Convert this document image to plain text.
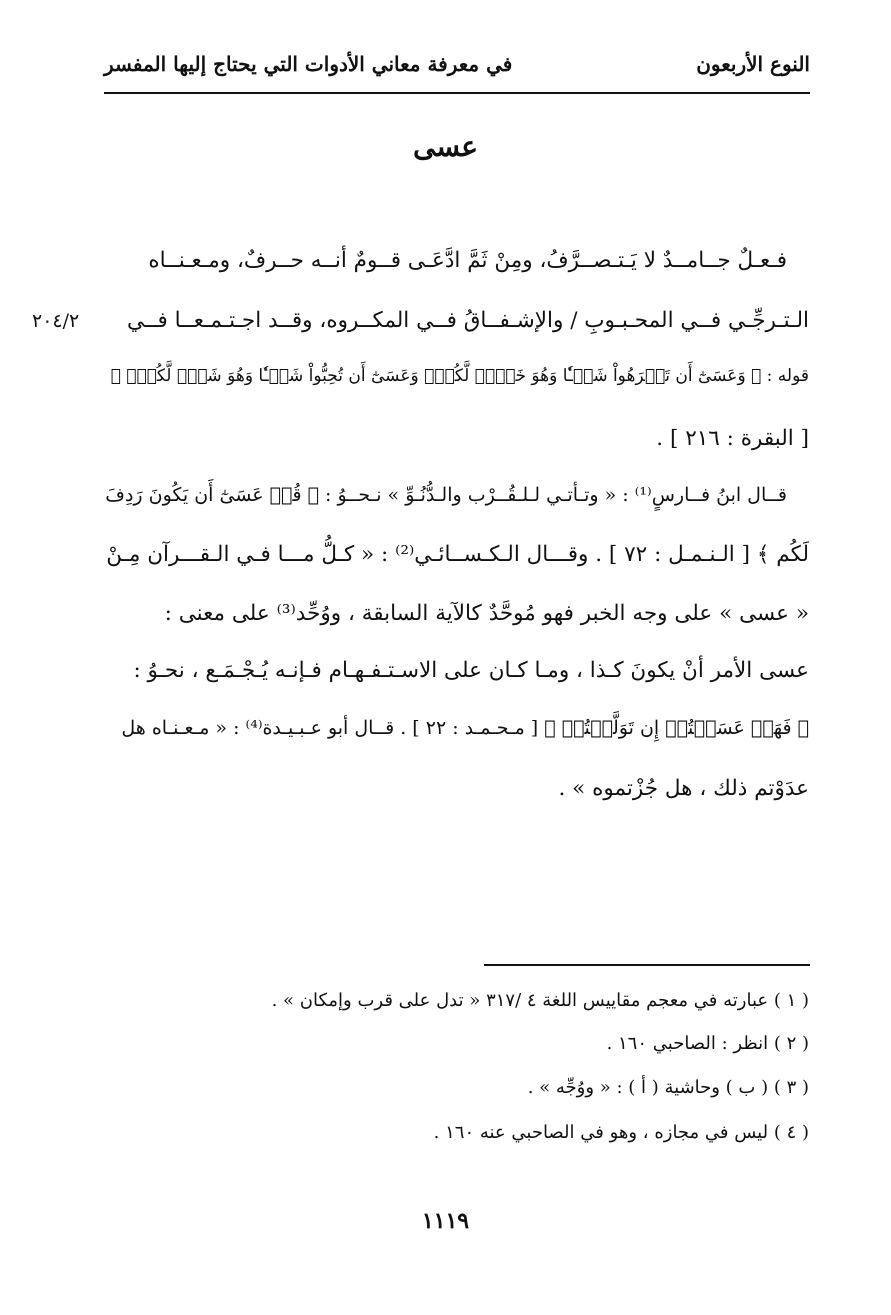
النوع الأربعون
في معرفة معاني الأدوات التي يحتاج إليها المفسر
عسى
فـعـلٌ جــامــدٌ لا يَـتـصــرَّفُ، ومِنْ ثَمَّ ادَّعَـى قــومٌ أنــه حــرفٌ، ومـعـنــاه
الـتـرجِّـي فــي المحـبـوبِ / والإشـفــاقُ فــي المكــروه، وقــد اجـتـمـعــا فــي
٢٠٤/٢
قوله : ﴿ وَعَسَىٰٓ أَن تَكۡرَهُواْ شَيۡـٔٗا وَهُوَ خَيۡرٞ لَّكُمۡۖ وَعَسَىٰٓ أَن تُحِبُّواْ شَيۡـٔٗا وَهُوَ شَرّٞ لَّكُمۡۚ ﴾
[ البقرة : ٢١٦ ] .
قــال ابنُ فــارسٍ⁽¹⁾ : « وتـأتـي لـلـقُــرْب والـدُّنُـوِّ » نـحــوُ : ﴿ قُلۡ عَسَىٰٓ أَن يَكُونَ رَدِفَ
لَكُم ﴾ [ الـنـمـل : ٧٢ ] . وقـــال الـكـســائـي⁽²⁾ : « كـلُّ مـــا فـي الـقـــرآن مِـنْ
« عسى » على وجه الخبر فهو مُوحَّدٌ كالآية السابقة ، ووُحِّد⁽³⁾ على معنى :
عسى الأمر أنْ يكونَ كـذا ، ومـا كـان على الاسـتـفـهـام فـإنـه يُـجْـمَـع ، نحـوُ :
﴿ فَهَلۡ عَسَيۡتُمۡ إِن تَوَلَّيۡتُمۡ ﴾ [ مـحـمـد : ٢٢ ] . قــال أبو عـبـيـدة⁽⁴⁾ : « مـعـنـاه هل
عدَوْتم ذلك ، هل جُزْتموه » .
( ١ ) عبارته في معجم مقاييس اللغة ٤ /٣١٧ « تدل على قرب وإمكان » .
( ٢ ) انظر : الصاحبي ١٦٠ .
( ٣ ) ( ب ) وحاشية ( أ ) : « ووُجِّه » .
( ٤ ) ليس في مجازه ، وهو في الصاحبي عنه ١٦٠ .
١١١٩
